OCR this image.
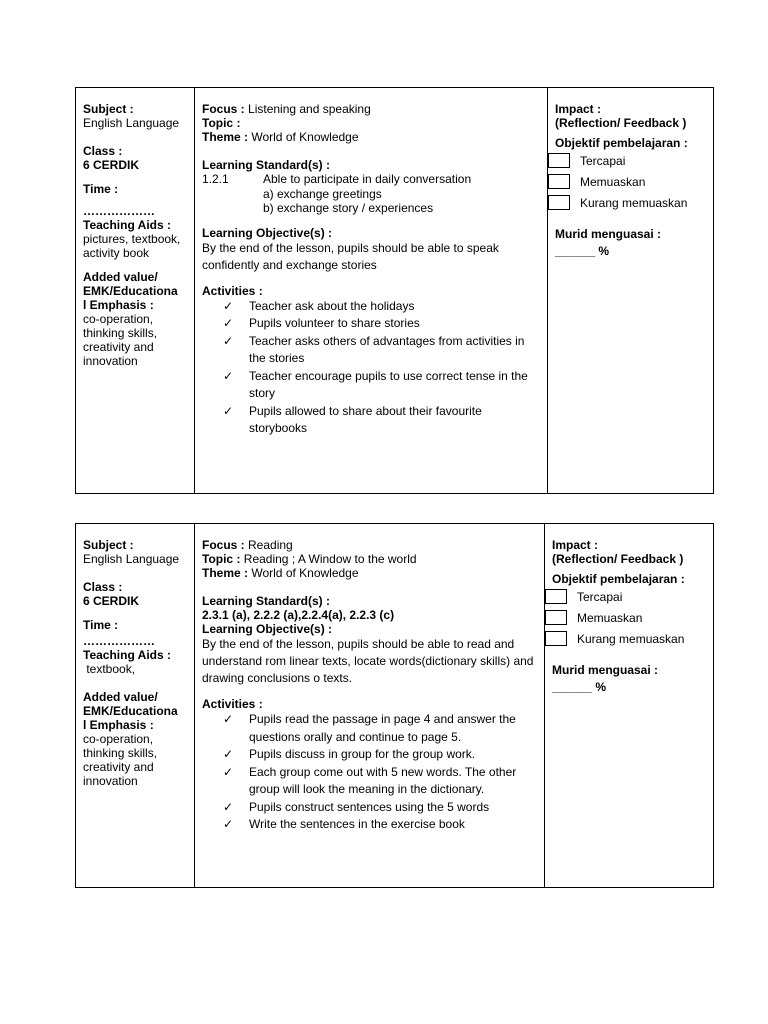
Subject :
English Language
Class :
6 CERDIK
Time :
………………
Teaching Aids :
pictures, textbook,
activity book
Added value/
EMK/Educationa
l Emphasis :
co-operation,
thinking skills,
creativity and
innovation
Focus : Listening and speaking
Topic :
Theme : World of Knowledge
Learning Standard(s) :
1.2.1	Able to participate in daily conversation
a) exchange greetings
b) exchange story / experiences
Learning Objective(s) :
By the end of the lesson, pupils should be able to speak confidently and exchange stories
Activities :
✓ Teacher ask about the holidays
✓ Pupils volunteer to share stories
✓ Teacher asks others of advantages from activities in the stories
✓ Teacher encourage pupils to use correct tense in the story
✓ Pupils allowed to share about their favourite storybooks
Impact :
(Reflection/ Feedback )
Objektif pembelajaran :
Tercapai
Memuaskan
Kurang memuaskan
Murid menguasai :
______ %
Subject :
English Language
Class :
6 CERDIK
Time :
………………
Teaching Aids :
textbook,
Added value/
EMK/Educationa
l Emphasis :
co-operation,
thinking skills,
creativity and
innovation
Focus : Reading
Topic : Reading ; A Window to the world
Theme : World of Knowledge
Learning Standard(s) :
2.3.1 (a), 2.2.2 (a),2.2.4(a), 2.2.3 (c)
Learning Objective(s) :
By the end of the lesson, pupils should be able to read and understand rom linear texts, locate words(dictionary skills) and drawing conclusions o texts.
Activities :
✓ Pupils read the passage in page 4 and answer the questions orally and continue to page 5.
✓ Pupils discuss in group for the group work.
✓ Each group come out with 5 new words. The other group will look the meaning in the dictionary.
✓ Pupils construct sentences using the 5 words
✓ Write the sentences in the exercise book
Impact :
(Reflection/ Feedback )
Objektif pembelajaran :
Tercapai
Memuaskan
Kurang memuaskan
Murid menguasai :
______ %
